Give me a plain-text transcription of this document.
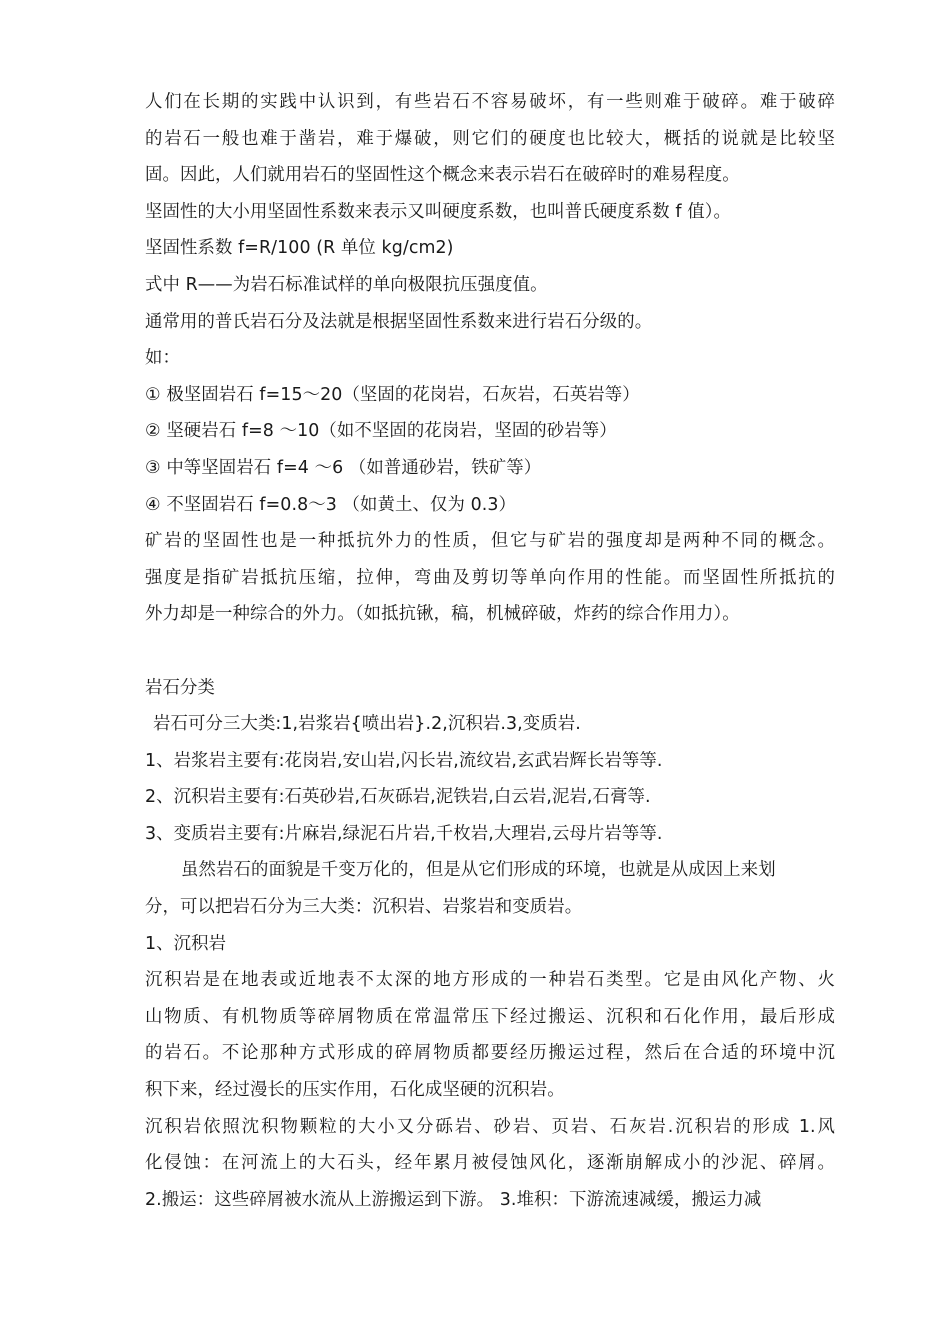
人们在长期的实践中认识到，有些岩石不容易破坏，有一些则难于破碎。难于破碎
的岩石一般也难于凿岩，难于爆破，则它们的硬度也比较大，概括的说就是比较坚
固。因此，人们就用岩石的坚固性这个概念来表示岩石在破碎时的难易程度。
坚固性的大小用坚固性系数来表示又叫硬度系数，也叫普氏硬度系数 f 值）。
坚固性系数 f=R/100 (R 单位 kg/cm2)
式中 R——为岩石标准试样的单向极限抗压强度值。
通常用的普氏岩石分及法就是根据坚固性系数来进行岩石分级的。
如：
① 极坚固岩石 f=15～20（坚固的花岗岩，石灰岩，石英岩等）
② 坚硬岩石 f=8 ～10（如不坚固的花岗岩，坚固的砂岩等）
③ 中等坚固岩石 f=4 ～6 （如普通砂岩，铁矿等）
④ 不坚固岩石 f=0.8～3 （如黄土、仅为 0.3）
矿岩的坚固性也是一种抵抗外力的性质，但它与矿岩的强度却是两种不同的概念。
强度是指矿岩抵抗压缩，拉伸，弯曲及剪切等单向作用的性能。而坚固性所抵抗的
外力却是一种综合的外力。（如抵抗锹，稿，机械碎破，炸药的综合作用力）。
岩石分类
岩石可分三大类:1,岩浆岩{喷出岩}.2,沉积岩.3,变质岩.
1、岩浆岩主要有:花岗岩,安山岩,闪长岩,流纹岩,玄武岩辉长岩等等.
2、沉积岩主要有:石英砂岩,石灰砾岩,泥铁岩,白云岩,泥岩,石膏等.
3、变质岩主要有:片麻岩,绿泥石片岩,千枚岩,大理岩,云母片岩等等.
虽然岩石的面貌是千变万化的，但是从它们形成的环境，也就是从成因上来划
分，可以把岩石分为三大类：沉积岩、岩浆岩和变质岩。
1、沉积岩
沉积岩是在地表或近地表不太深的地方形成的一种岩石类型。它是由风化产物、火
山物质、有机物质等碎屑物质在常温常压下经过搬运、沉积和石化作用，最后形成
的岩石。不论那种方式形成的碎屑物质都要经历搬运过程，然后在合适的环境中沉
积下来，经过漫长的压实作用，石化成坚硬的沉积岩。
沉积岩依照沈积物颗粒的大小又分砾岩、砂岩、页岩、石灰岩.沉积岩的形成 1.风
化侵蚀：在河流上的大石头，经年累月被侵蚀风化，逐渐崩解成小的沙泥、碎屑。
2.搬运：这些碎屑被水流从上游搬运到下游。 3.堆积：下游流速减缓，搬运力减
